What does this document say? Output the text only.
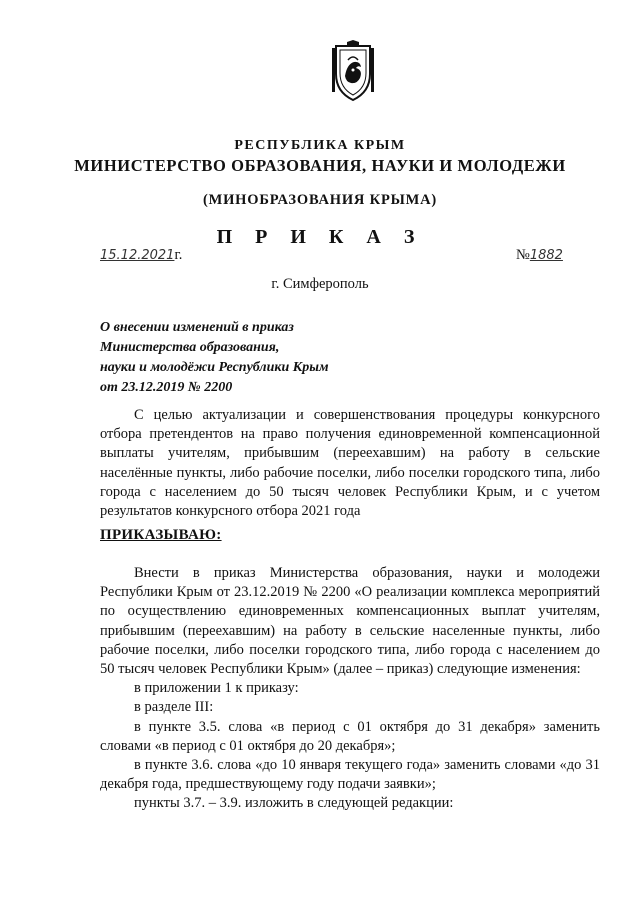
РЕСПУБЛИКА КРЫМ
МИНИСТЕРСТВО ОБРАЗОВАНИЯ, НАУКИ И МОЛОДЕЖИ
(МИНОБРАЗОВАНИЯ КРЫМА)
П Р И К А З
15.12.2021г.	№1882
г. Симферополь
О внесении изменений в приказ
Министерства образования,
науки и молодёжи Республики Крым
от 23.12.2019 № 2200
С целью актуализации и совершенствования процедуры конкурсного отбора претендентов на право получения единовременной компенсационной выплаты учителям, прибывшим (переехавшим) на работу в сельские населённые пункты, либо рабочие поселки, либо поселки городского типа, либо города с населением до 50 тысяч человек Республики Крым, и с учетом результатов конкурсного отбора 2021 года
ПРИКАЗЫВАЮ:

Внести в приказ Министерства образования, науки и молодежи Республики Крым от 23.12.2019 № 2200 «О реализации комплекса мероприятий по осуществлению единовременных компенсационных выплат учителям, прибывшим (переехавшим) на работу в сельские населенные пункты, либо рабочие поселки, либо поселки городского типа, либо города с населением до 50 тысяч человек Республики Крым» (далее – приказ) следующие изменения:

в приложении 1 к приказу:

в разделе III:

в пункте 3.5. слова «в период с 01 октября до 31 декабря» заменить словами «в период с 01 октября до 20 декабря»;

в пункте 3.6. слова «до 10 января текущего года» заменить словами «до 31 декабря года, предшествующему году подачи заявки»;

пункты 3.7. – 3.9. изложить в следующей редакции:
